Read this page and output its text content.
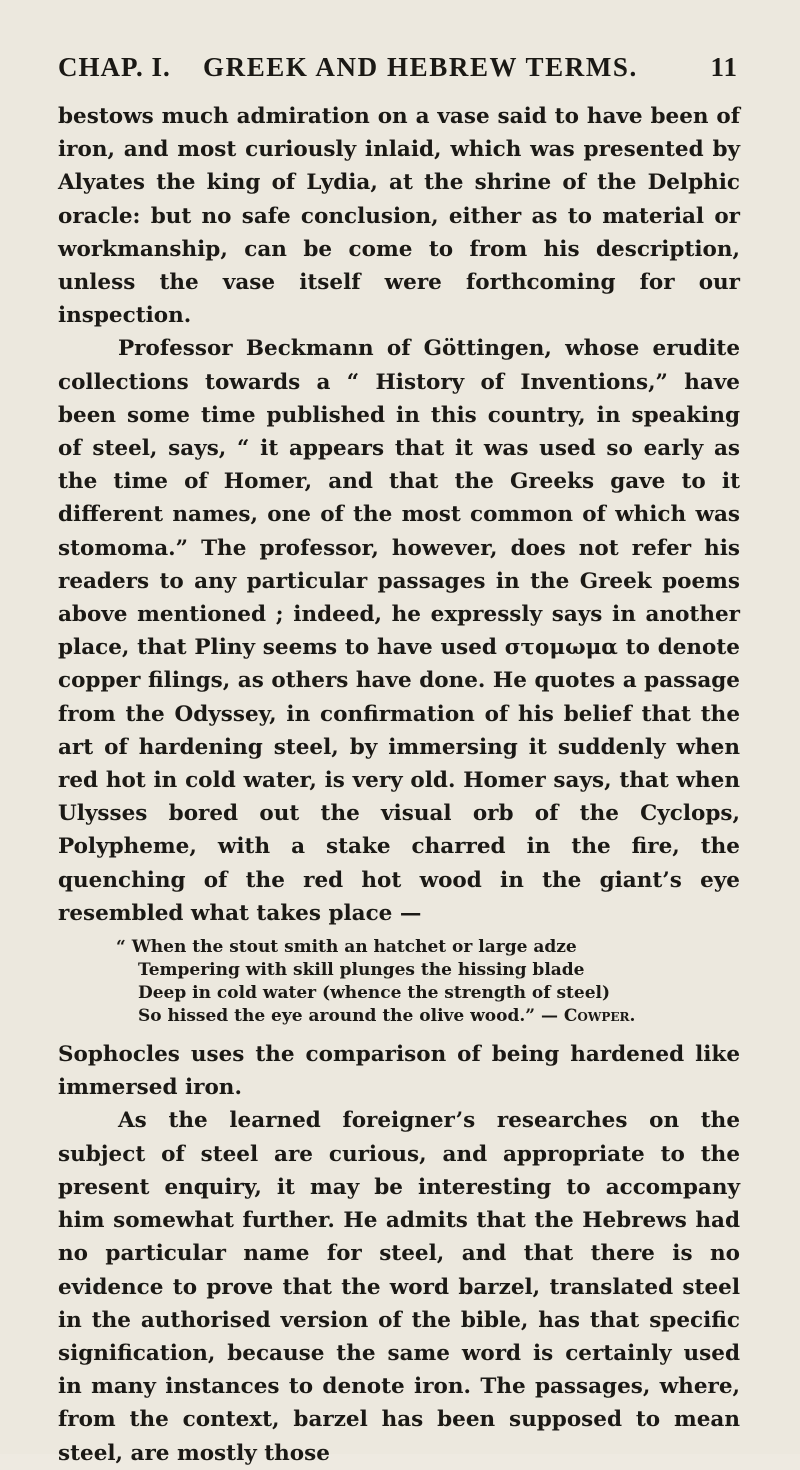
CHAP. I. GREEK AND HEBREW TERMS.	11

bestows much admiration on a vase said to have been of iron, and most curiously inlaid, which was presented by Alyates the king of Lydia, at the shrine of the Delphic oracle: but no safe conclusion, either as to material or workmanship, can be come to from his description, unless the vase itself were forthcoming for our inspection.

Professor Beckmann of Göttingen, whose erudite collections towards a “ History of Inventions,” have been some time published in this country, in speaking of steel, says, “ it appears that it was used so early as the time of Homer, and that the Greeks gave to it different names, one of the most common of which was stomoma.” The professor, however, does not refer his readers to any particular passages in the Greek poems above mentioned ; indeed, he expressly says in another place, that Pliny seems to have used στομωμα to denote copper filings, as others have done. He quotes a passage from the Odyssey, in confirmation of his belief that the art of hardening steel, by immersing it suddenly when red hot in cold water, is very old. Homer says, that when Ulysses bored out the visual orb of the Cyclops, Polypheme, with a stake charred in the fire, the quenching of the red hot wood in the giant’s eye resembled what takes place —

“ When the stout smith an hatchet or large adze
Tempering with skill plunges the hissing blade
Deep in cold water (whence the strength of steel)
So hissed the eye around the olive wood.” — Cowper.

Sophocles uses the comparison of being hardened like immersed iron.

As the learned foreigner’s researches on the subject of steel are curious, and appropriate to the present enquiry, it may be interesting to accompany him somewhat further. He admits that the Hebrews had no particular name for steel, and that there is no evidence to prove that the word barzel, translated steel in the authorised version of the bible, has that specific signification, because the same word is certainly used in many instances to denote iron. The passages, where, from the context, barzel has been supposed to mean steel, are mostly those
